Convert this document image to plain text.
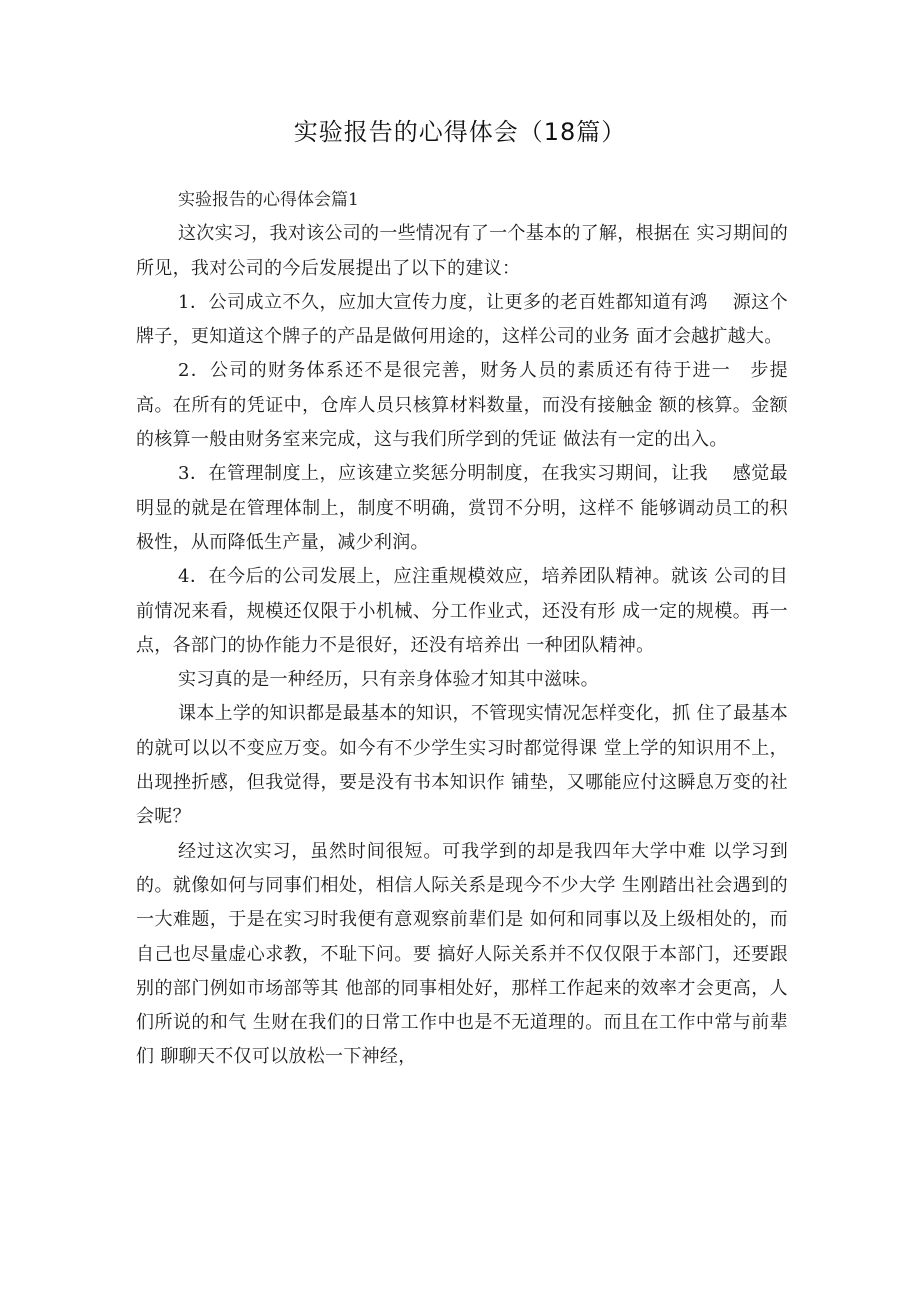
实验报告的心得体会（18篇）

实验报告的心得体会篇1

这次实习，我对该公司的一些情况有了一个基本的了解，根据在 实习期间的所见，我对公司的今后发展提出了以下的建议：

1．公司成立不久，应加大宣传力度，让更多的老百姓都知道有鸿　 源这个牌子，更知道这个牌子的产品是做何用途的，这样公司的业务 面才会越扩越大。

2．公司的财务体系还不是很完善，财务人员的素质还有待于进一　步提高。在所有的凭证中，仓库人员只核算材料数量，而没有接触金 额的核算。金额的核算一般由财务室来完成，这与我们所学到的凭证 做法有一定的出入。

3．在管理制度上，应该建立奖惩分明制度，在我实习期间，让我　 感觉最明显的就是在管理体制上，制度不明确，赏罚不分明，这样不 能够调动员工的积极性，从而降低生产量，减少利润。

4．在今后的公司发展上，应注重规模效应，培养团队精神。就该 公司的目前情况来看，规模还仅限于小机械、分工作业式，还没有形 成一定的规模。再一点，各部门的协作能力不是很好，还没有培养出 一种团队精神。

实习真的是一种经历，只有亲身体验才知其中滋味。

课本上学的知识都是最基本的知识，不管现实情况怎样变化，抓 住了最基本的就可以以不变应万变。如今有不少学生实习时都觉得课 堂上学的知识用不上，出现挫折感，但我觉得，要是没有书本知识作 铺垫，又哪能应付这瞬息万变的社会呢？

经过这次实习，虽然时间很短。可我学到的却是我四年大学中难 以学习到的。就像如何与同事们相处，相信人际关系是现今不少大学 生刚踏出社会遇到的一大难题，于是在实习时我便有意观察前辈们是 如何和同事以及上级相处的，而自己也尽量虚心求教，不耻下问。要 搞好人际关系并不仅仅限于本部门，还要跟别的部门例如市场部等其 他部的同事相处好，那样工作起来的效率才会更高，人们所说的和气 生财在我们的日常工作中也是不无道理的。而且在工作中常与前辈们 聊聊天不仅可以放松一下神经，
